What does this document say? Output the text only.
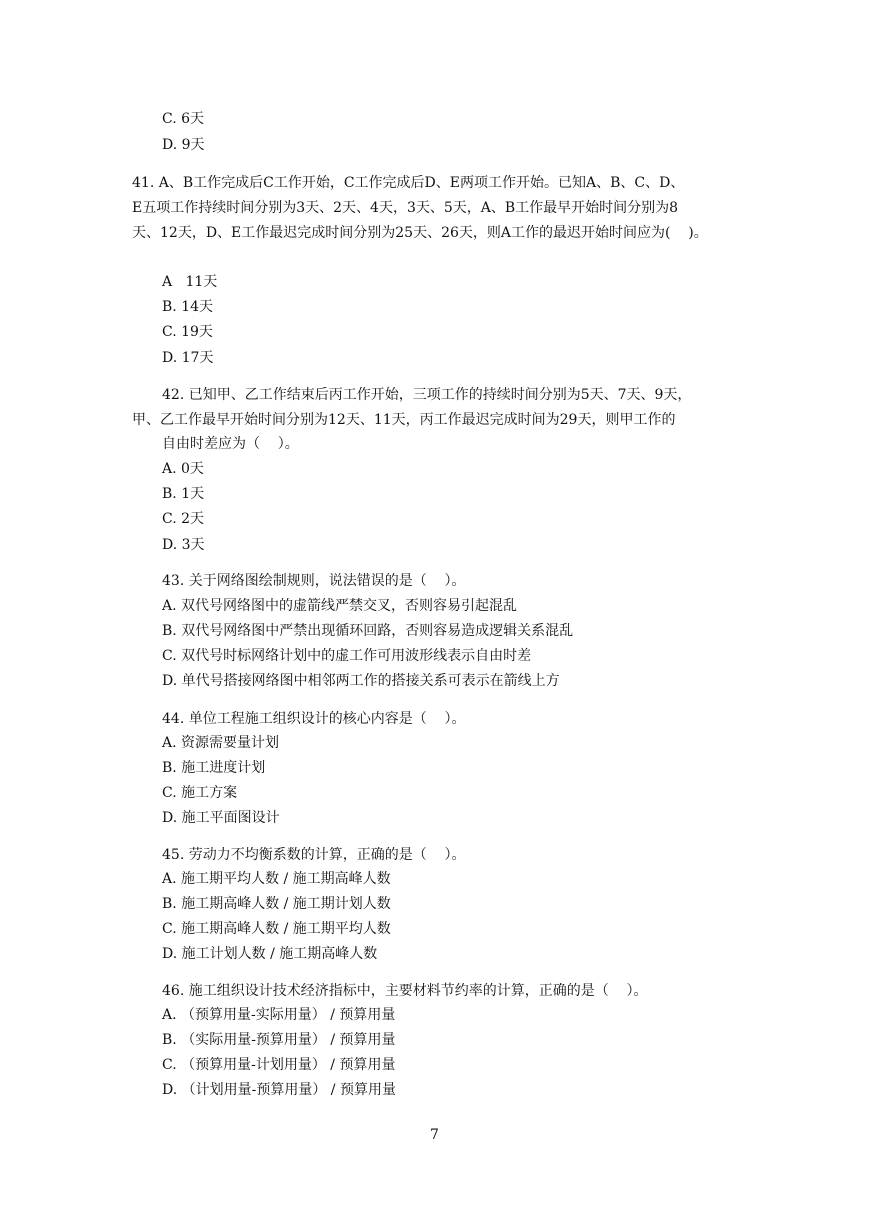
C. 6天
D. 9天
41. A、B工作完成后C工作开始，C工作完成后D、E两项工作开始。已知A、B、C、D、
E五项工作持续时间分别为3天、2天、4天，3天、5天，A、B工作最早开始时间分别为8
天、12天，D、E工作最迟完成时间分别为25天、26天，则A工作的最迟开始时间应为(    )。
A   11天
B. 14天
C. 19天
D. 17天
42. 已知甲、乙工作结束后丙工作开始，三项工作的持续时间分别为5天、7天、9天，
甲、乙工作最早开始时间分别为12天、11天，丙工作最迟完成时间为29天，则甲工作的
自由时差应为（    ）。
A. 0天
B. 1天
C. 2天
D. 3天
43. 关于网络图绘制规则，说法错误的是（    ）。
A. 双代号网络图中的虚箭线严禁交叉，否则容易引起混乱
B. 双代号网络图中严禁出现循环回路，否则容易造成逻辑关系混乱
C. 双代号时标网络计划中的虚工作可用波形线表示自由时差
D. 单代号搭接网络图中相邻两工作的搭接关系可表示在箭线上方
44. 单位工程施工组织设计的核心内容是（    ）。
A. 资源需要量计划
B. 施工进度计划
C. 施工方案
D. 施工平面图设计
45. 劳动力不均衡系数的计算，正确的是（    ）。
A. 施工期平均人数 / 施工期高峰人数
B. 施工期高峰人数 / 施工期计划人数
C. 施工期高峰人数 / 施工期平均人数
D. 施工计划人数 / 施工期高峰人数
46. 施工组织设计技术经济指标中，主要材料节约率的计算，正确的是（    ）。
A. （预算用量-实际用量） / 预算用量
B. （实际用量-预算用量） / 预算用量
C. （预算用量-计划用量） / 预算用量
D. （计划用量-预算用量） / 预算用量
7
